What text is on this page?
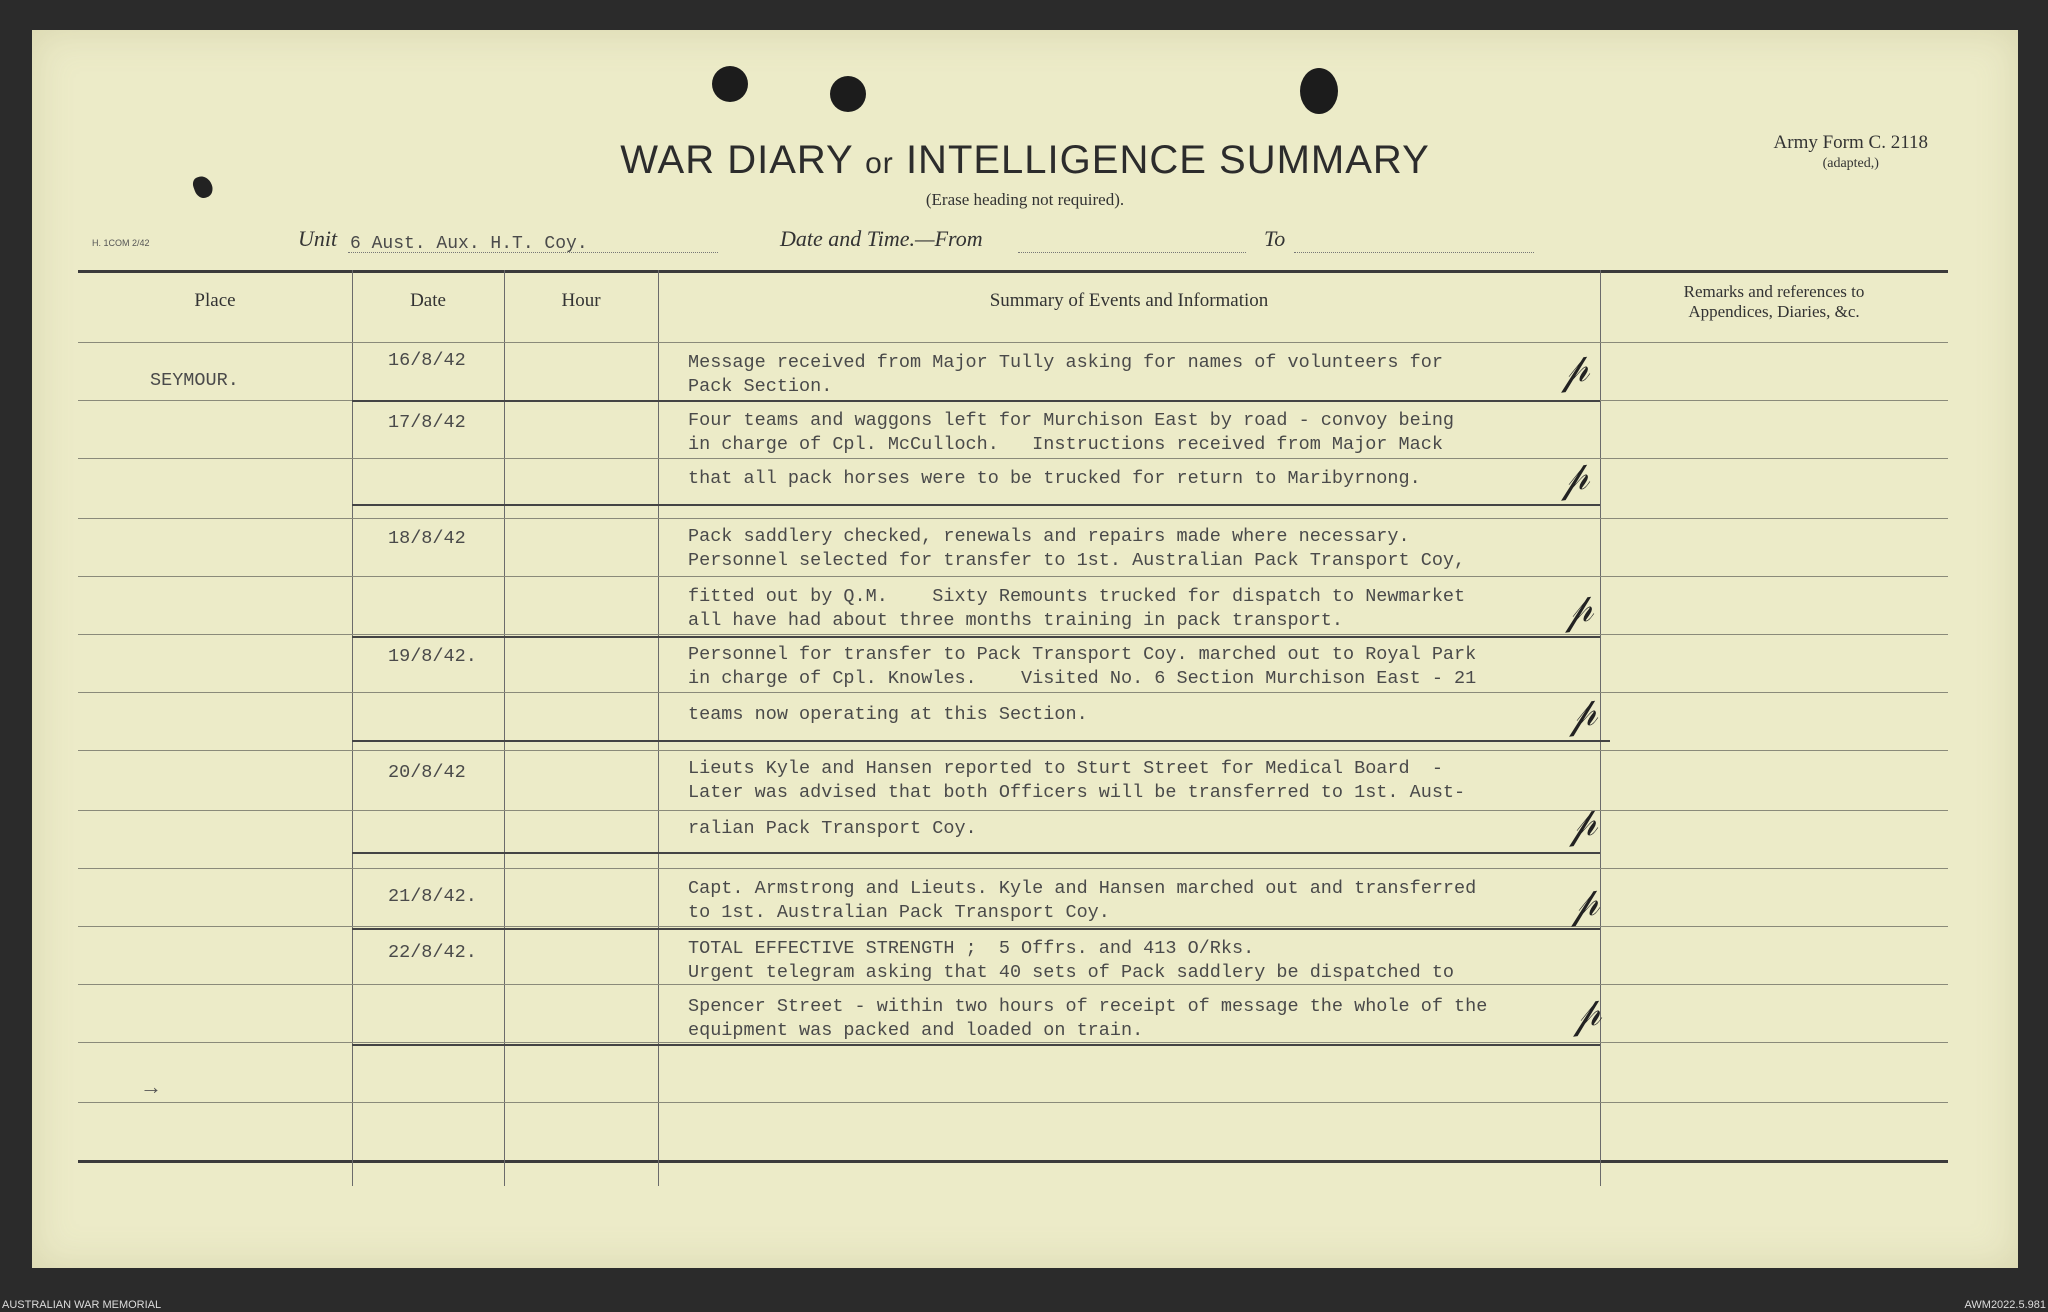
WAR DIARY or INTELLIGENCE SUMMARY
(Erase heading not required).
Army Form C. 2118
(adapted,)
H. 1COM 2/42	Unit 6 Aust. Aux. H.T. Coy.	Date and Time.—From	To
Place	Date	Hour	Summary of Events and Information	Remarks and references to
Appendices, Diaries, &c.
SEYMOUR.
16/8/42	Message received from Major Tully asking for names of volunteers for
Pack Section.
17/8/42	Four teams and waggons left for Murchison East by road - convoy being
in charge of Cpl. McCulloch.   Instructions received from Major Mack
that all pack horses were to be trucked for return to Maribyrnong.
18/8/42	Pack saddlery checked, renewals and repairs made where necessary.
Personnel selected for transfer to 1st. Australian Pack Transport Coy,
fitted out by Q.M.    Sixty Remounts trucked for dispatch to Newmarket
all have had about three months training in pack transport.
19/8/42.	Personnel for transfer to Pack Transport Coy. marched out to Royal Park
in charge of Cpl. Knowles.    Visited No. 6 Section Murchison East - 21
teams now operating at this Section.
20/8/42	Lieuts Kyle and Hansen reported to Sturt Street for Medical Board  -
Later was advised that both Officers will be transferred to 1st. Aust-
ralian Pack Transport Coy.
21/8/42.	Capt. Armstrong and Lieuts. Kyle and Hansen marched out and transferred
to 1st. Australian Pack Transport Coy.
22/8/42.	TOTAL EFFECTIVE STRENGTH ;  5 Offrs. and 413 O/Rks.
Urgent telegram asking that 40 sets of Pack saddlery be dispatched to
Spencer Street - within two hours of receipt of message the whole of the
equipment was packed and loaded on train.
𝓅
𝓅
𝓅
𝓅
𝓅
𝓅
𝓅
→
AUSTRALIAN WAR MEMORIAL	AWM2022.5.981
